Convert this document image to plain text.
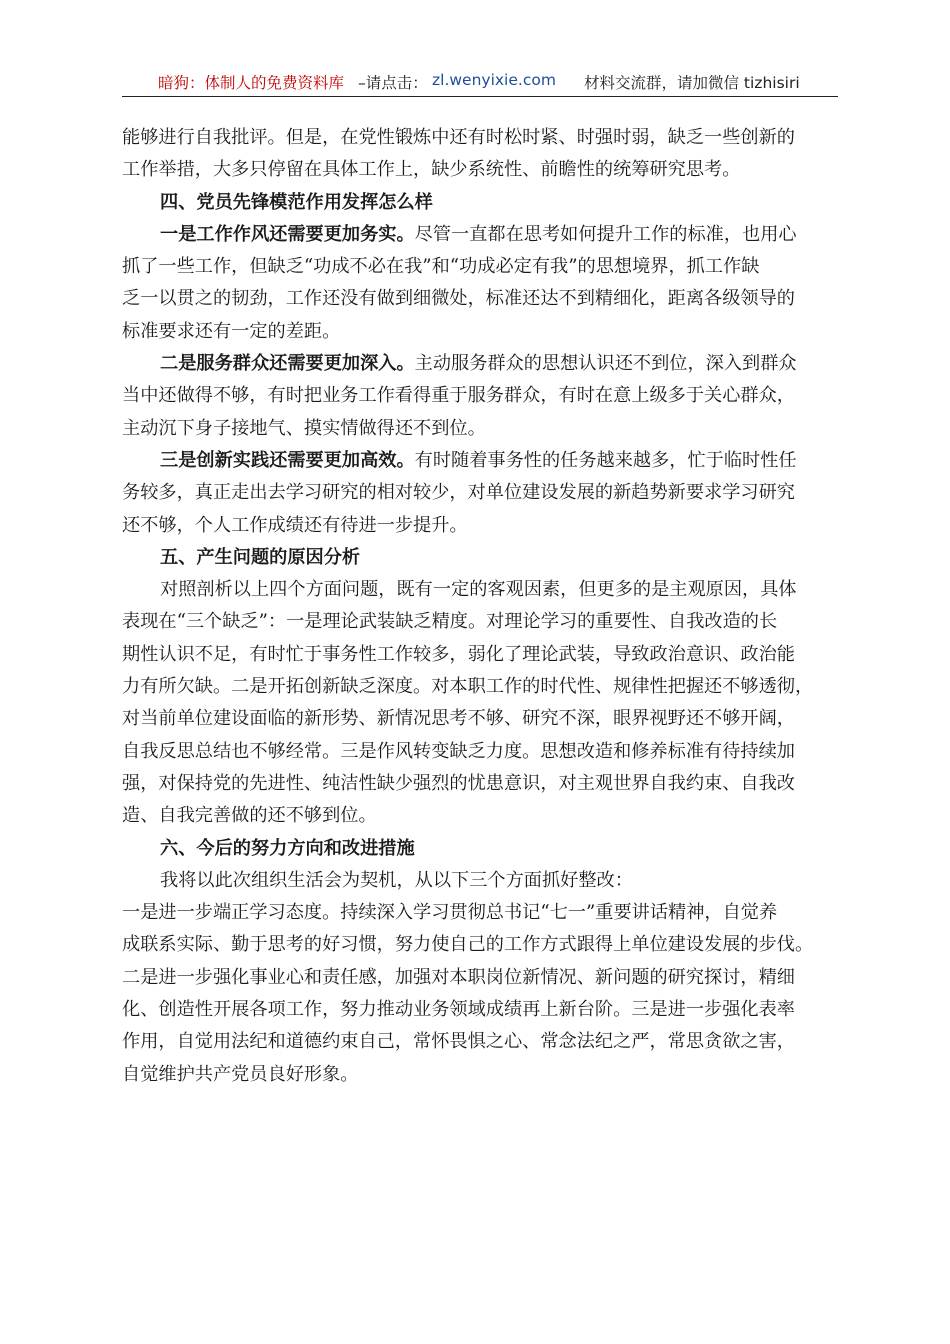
暗狗：体制人的免费资料库 –请点击： zl.wenyixie.com 材料交流群，请加微信 tizhisiri
能够进行自我批评。但是，在党性锻炼中还有时松时紧、时强时弱，缺乏一些创新的
工作举措，大多只停留在具体工作上，缺少系统性、前瞻性的统筹研究思考。
四、党员先锋模范作用发挥怎么样
一是工作作风还需要更加务实。尽管一直都在思考如何提升工作的标准，也用心
抓了一些工作，但缺乏“功成不必在我”和“功成必定有我”的思想境界，抓工作缺
乏一以贯之的韧劲，工作还没有做到细微处，标准还达不到精细化，距离各级领导的
标准要求还有一定的差距。
二是服务群众还需要更加深入。主动服务群众的思想认识还不到位，深入到群众
当中还做得不够，有时把业务工作看得重于服务群众，有时在意上级多于关心群众，
主动沉下身子接地气、摸实情做得还不到位。
三是创新实践还需要更加高效。有时随着事务性的任务越来越多，忙于临时性任
务较多，真正走出去学习研究的相对较少，对单位建设发展的新趋势新要求学习研究
还不够，个人工作成绩还有待进一步提升。
五、产生问题的原因分析
对照剖析以上四个方面问题，既有一定的客观因素，但更多的是主观原因，具体
表现在“三个缺乏”：一是理论武装缺乏精度。对理论学习的重要性、自我改造的长
期性认识不足，有时忙于事务性工作较多，弱化了理论武装，导致政治意识、政治能
力有所欠缺。二是开拓创新缺乏深度。对本职工作的时代性、规律性把握还不够透彻，
对当前单位建设面临的新形势、新情况思考不够、研究不深，眼界视野还不够开阔，
自我反思总结也不够经常。三是作风转变缺乏力度。思想改造和修养标准有待持续加
强，对保持党的先进性、纯洁性缺少强烈的忧患意识，对主观世界自我约束、自我改
造、自我完善做的还不够到位。
六、今后的努力方向和改进措施
我将以此次组织生活会为契机，从以下三个方面抓好整改：
一是进一步端正学习态度。持续深入学习贯彻总书记“七一”重要讲话精神，自觉养
成联系实际、勤于思考的好习惯，努力使自己的工作方式跟得上单位建设发展的步伐。
二是进一步强化事业心和责任感，加强对本职岗位新情况、新问题的研究探讨，精细
化、创造性开展各项工作，努力推动业务领域成绩再上新台阶。三是进一步强化表率
作用，自觉用法纪和道德约束自己，常怀畏惧之心、常念法纪之严，常思贪欲之害，
自觉维护共产党员良好形象。
